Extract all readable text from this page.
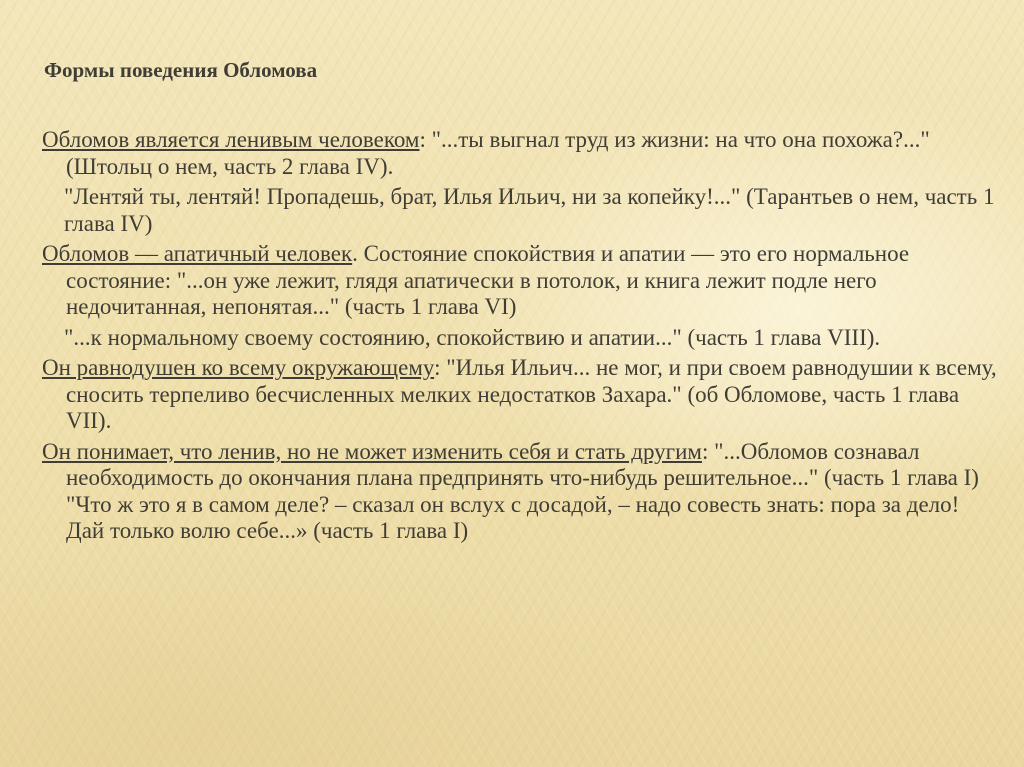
Формы поведения Обломова

Обломов является ленивым человеком: "...ты выгнал труд из жизни: на что она похожа?..." (Штольц о нем, часть 2 глава IV).

"Лентяй ты, лентяй! Пропадешь, брат, Илья Ильич, ни за копейку!..." (Тарантьев о нем, часть 1 глава IV)

Обломов — апатичный человек. Состояние спокойствия и апатии — это его нормальное состояние: "...он уже лежит, глядя апатически в потолок, и книга лежит подле него недочитанная, непонятая..." (часть 1 глава VI)

"...к нормальному своему состоянию, спокойствию и апатии..." (часть 1 глава VIII).

Он равнодушен ко всему окружающему: "Илья Ильич... не мог, и при своем равнодушии к всему, сносить терпеливо бесчисленных мелких недостатков Захара." (об Обломове, часть 1 глава VII).

Он понимает, что ленив, но не может изменить себя и стать другим: "...Обломов сознавал необходимость до окончания плана предпринять что-нибудь решительное..." (часть 1 глава I) "Что ж это я в самом деле? – сказал он вслух с досадой, – надо совесть знать: пора за дело! Дай только волю себе...» (часть 1 глава I)
